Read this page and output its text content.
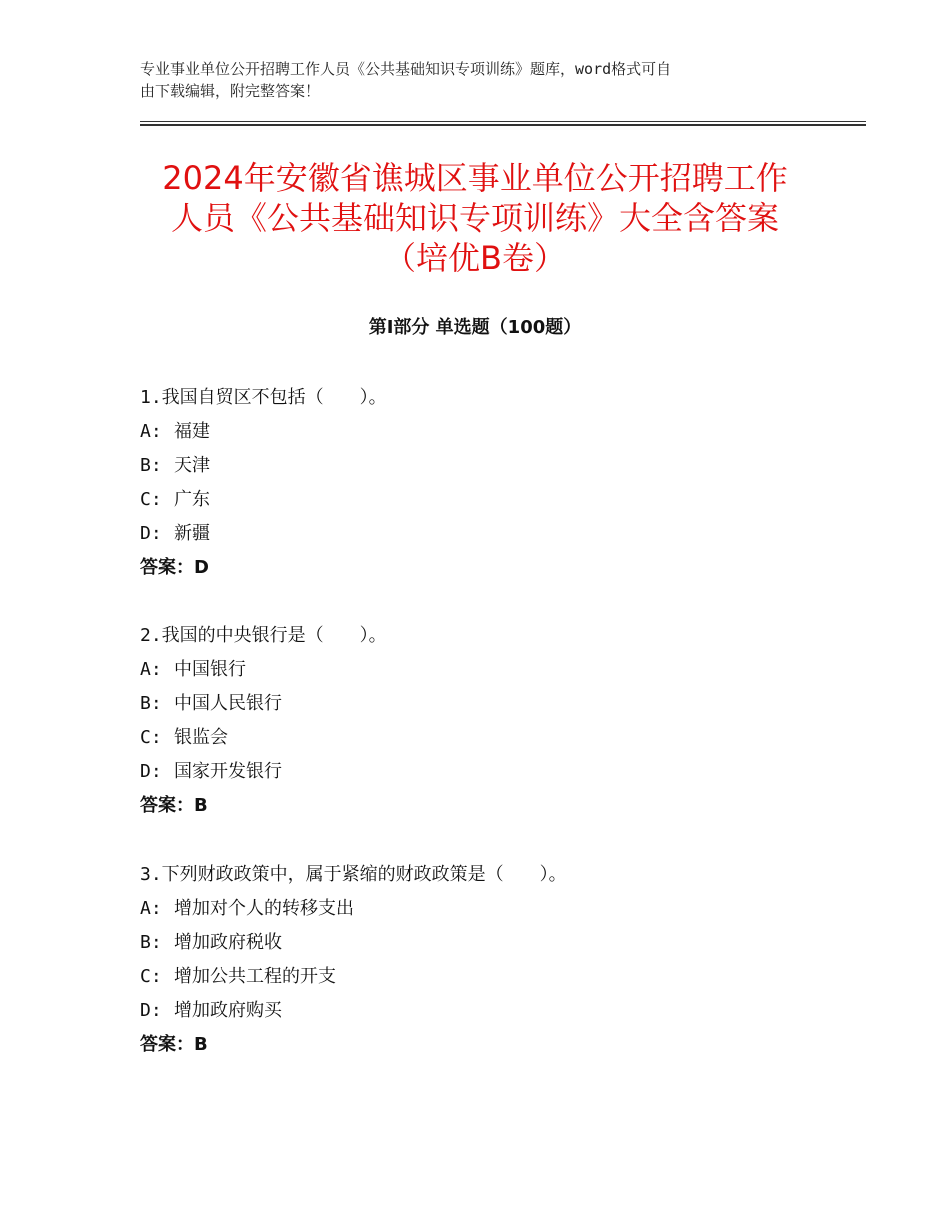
专业事业单位公开招聘工作人员《公共基础知识专项训练》题库，word格式可自
由下载编辑，附完整答案！
2024年安徽省谯城区事业单位公开招聘工作
人员《公共基础知识专项训练》大全含答案
（培优B卷）
第Ⅰ部分 单选题（100题）
1.我国自贸区不包括（　　）。
A: 福建
B: 天津
C: 广东
D: 新疆
答案：D
2.我国的中央银行是（　　）。
A: 中国银行
B: 中国人民银行
C: 银监会
D: 国家开发银行
答案：B
3.下列财政政策中，属于紧缩的财政政策是（　　）。
A: 增加对个人的转移支出
B: 增加政府税收
C: 增加公共工程的开支
D: 增加政府购买
答案：B
